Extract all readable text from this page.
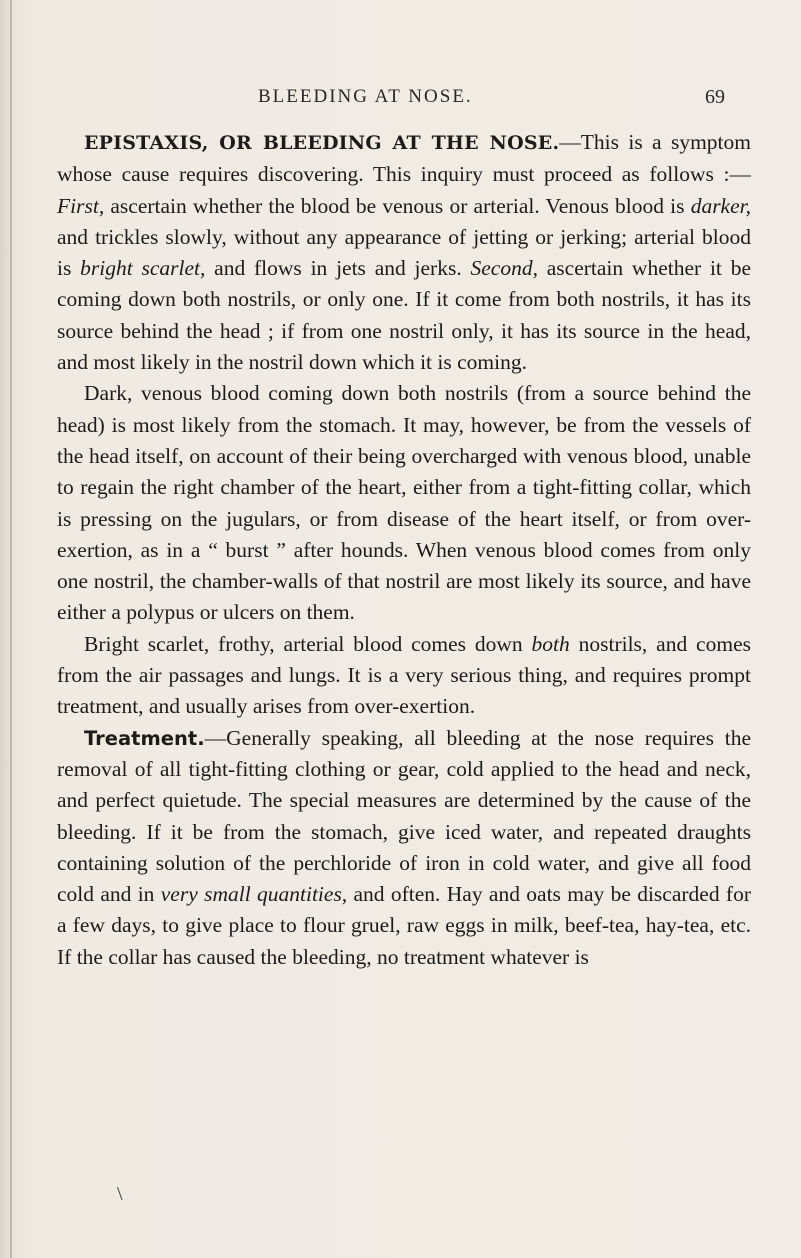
BLEEDING AT NOSE.	69

EPISTAXIS, OR BLEEDING AT THE NOSE.—This is a symptom whose cause requires discovering. This inquiry must proceed as follows :—First, ascertain whether the blood be venous or arterial. Venous blood is darker, and trickles slowly, without any appearance of jetting or jerking; arterial blood is bright scarlet, and flows in jets and jerks. Second, ascertain whether it be coming down both nostrils, or only one. If it come from both nostrils, it has its source behind the head ; if from one nostril only, it has its source in the head, and most likely in the nostril down which it is coming.

Dark, venous blood coming down both nostrils (from a source behind the head) is most likely from the stomach. It may, however, be from the vessels of the head itself, on account of their being overcharged with venous blood, unable to regain the right chamber of the heart, either from a tight-fitting collar, which is pressing on the jugulars, or from disease of the heart itself, or from over-exertion, as in a “ burst ” after hounds. When venous blood comes from only one nostril, the chamber-walls of that nostril are most likely its source, and have either a polypus or ulcers on them.

Bright scarlet, frothy, arterial blood comes down both nostrils, and comes from the air passages and lungs. It is a very serious thing, and requires prompt treatment, and usually arises from over-exertion.

Treatment.—Generally speaking, all bleeding at the nose requires the removal of all tight-fitting clothing or gear, cold applied to the head and neck, and perfect quietude. The special measures are determined by the cause of the bleeding. If it be from the stomach, give iced water, and repeated draughts containing solution of the perchloride of iron in cold water, and give all food cold and in very small quantities, and often. Hay and oats may be discarded for a few days, to give place to flour gruel, raw eggs in milk, beef-tea, hay-tea, etc. If the collar has caused the bleeding, no treatment whatever is

\
